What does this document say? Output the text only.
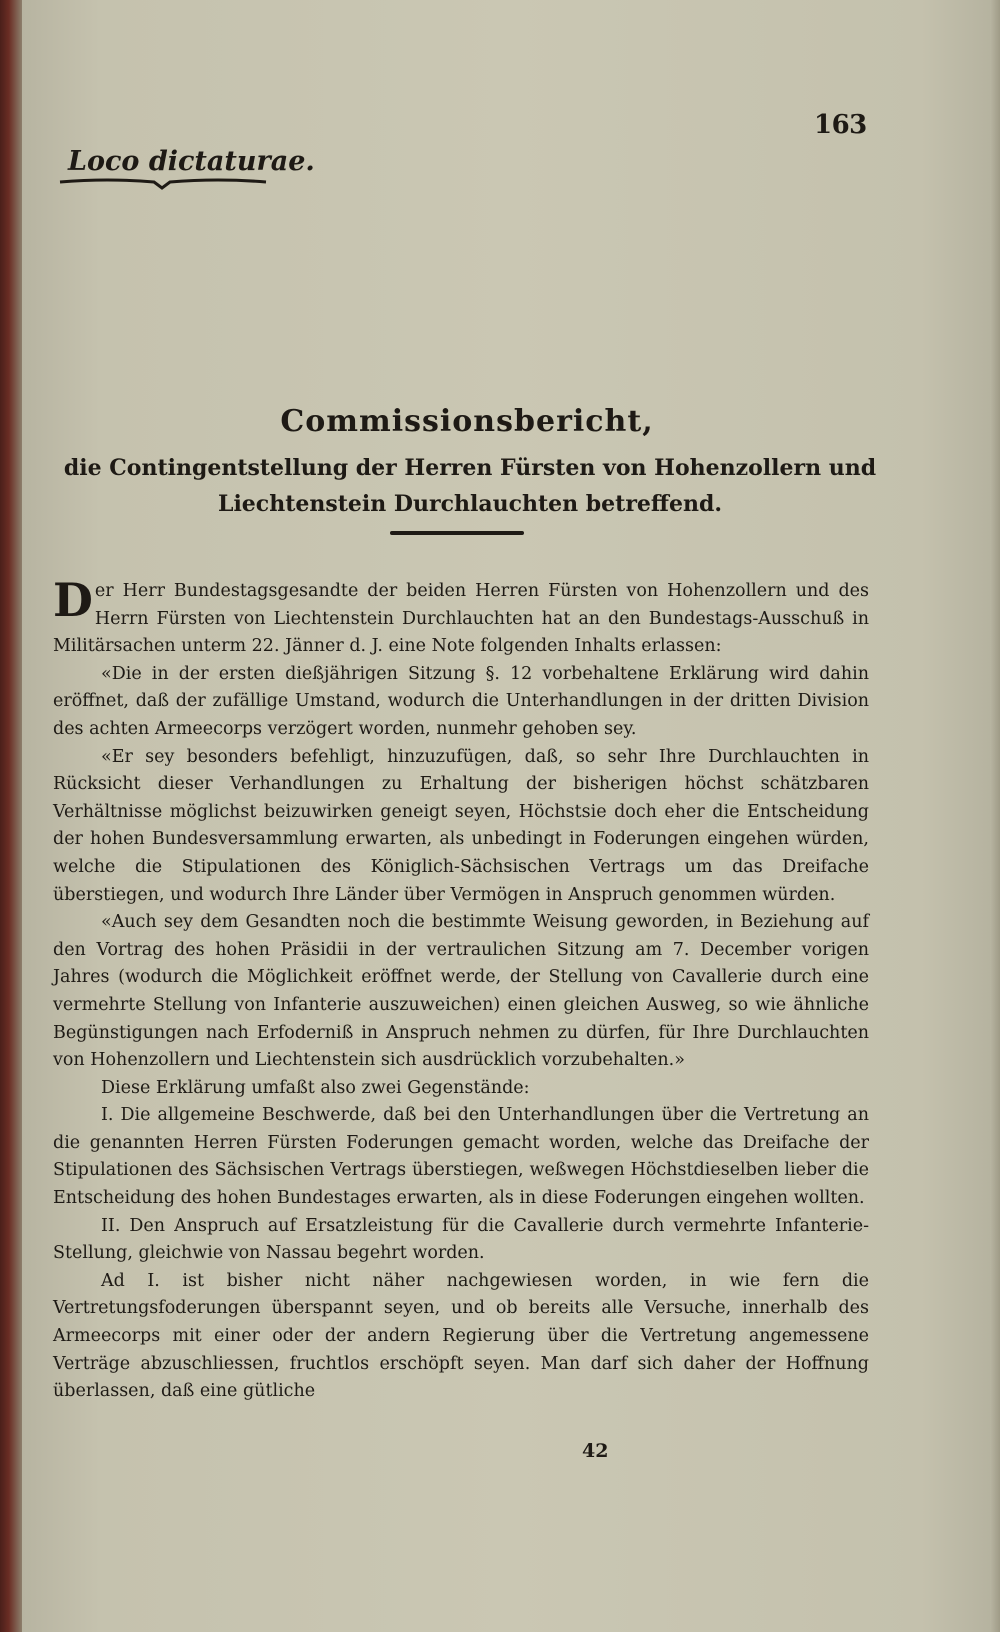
163
Loco dictaturae.
Commissionsbericht,
die Contingentstellung der Herren Fürsten von Hohenzollern und Liechtenstein Durchlauchten betreffend.

Der Herr Bundestagsgesandte der beiden Herren Fürsten von Hohenzollern und des Herrn Fürsten von Liechtenstein Durchlauchten hat an den Bundestags-Ausschuß in Militärsachen unterm 22. Jänner d. J. eine Note folgenden Inhalts erlassen:

«Die in der ersten dießjährigen Sitzung §. 12 vorbehaltene Erklärung wird dahin eröffnet, daß der zufällige Umstand, wodurch die Unterhandlungen in der dritten Division des achten Armeecorps verzögert worden, nunmehr gehoben sey.

«Er sey besonders befehligt, hinzuzufügen, daß, so sehr Ihre Durchlauchten in Rücksicht dieser Verhandlungen zu Erhaltung der bisherigen höchst schätzbaren Verhältnisse möglichst beizuwirken geneigt seyen, Höchstsie doch eher die Entscheidung der hohen Bundesversammlung erwarten, als unbedingt in Foderungen eingehen würden, welche die Stipulationen des Königlich-Sächsischen Vertrags um das Dreifache überstiegen, und wodurch Ihre Länder über Vermögen in Anspruch genommen würden.

«Auch sey dem Gesandten noch die bestimmte Weisung geworden, in Beziehung auf den Vortrag des hohen Präsidii in der vertraulichen Sitzung am 7. December vorigen Jahres (wodurch die Möglichkeit eröffnet werde, der Stellung von Cavallerie durch eine vermehrte Stellung von Infanterie auszuweichen) einen gleichen Ausweg, so wie ähnliche Begünstigungen nach Erfoderniß in Anspruch nehmen zu dürfen, für Ihre Durchlauchten von Hohenzollern und Liechtenstein sich ausdrücklich vorzubehalten.»

Diese Erklärung umfaßt also zwei Gegenstände:

I. Die allgemeine Beschwerde, daß bei den Unterhandlungen über die Vertretung an die genannten Herren Fürsten Foderungen gemacht worden, welche das Dreifache der Stipulationen des Sächsischen Vertrags überstiegen, weßwegen Höchstdieselben lieber die Entscheidung des hohen Bundestages erwarten, als in diese Foderungen eingehen wollten.

II. Den Anspruch auf Ersatzleistung für die Cavallerie durch vermehrte Infanterie-Stellung, gleichwie von Nassau begehrt worden.

Ad I. ist bisher nicht näher nachgewiesen worden, in wie fern die Vertretungsfoderungen überspannt seyen, und ob bereits alle Versuche, innerhalb des Armeecorps mit einer oder der andern Regierung über die Vertretung angemessene Verträge abzuschliessen, fruchtlos erschöpft seyen. Man darf sich daher der Hoffnung überlassen, daß eine gütliche

42
